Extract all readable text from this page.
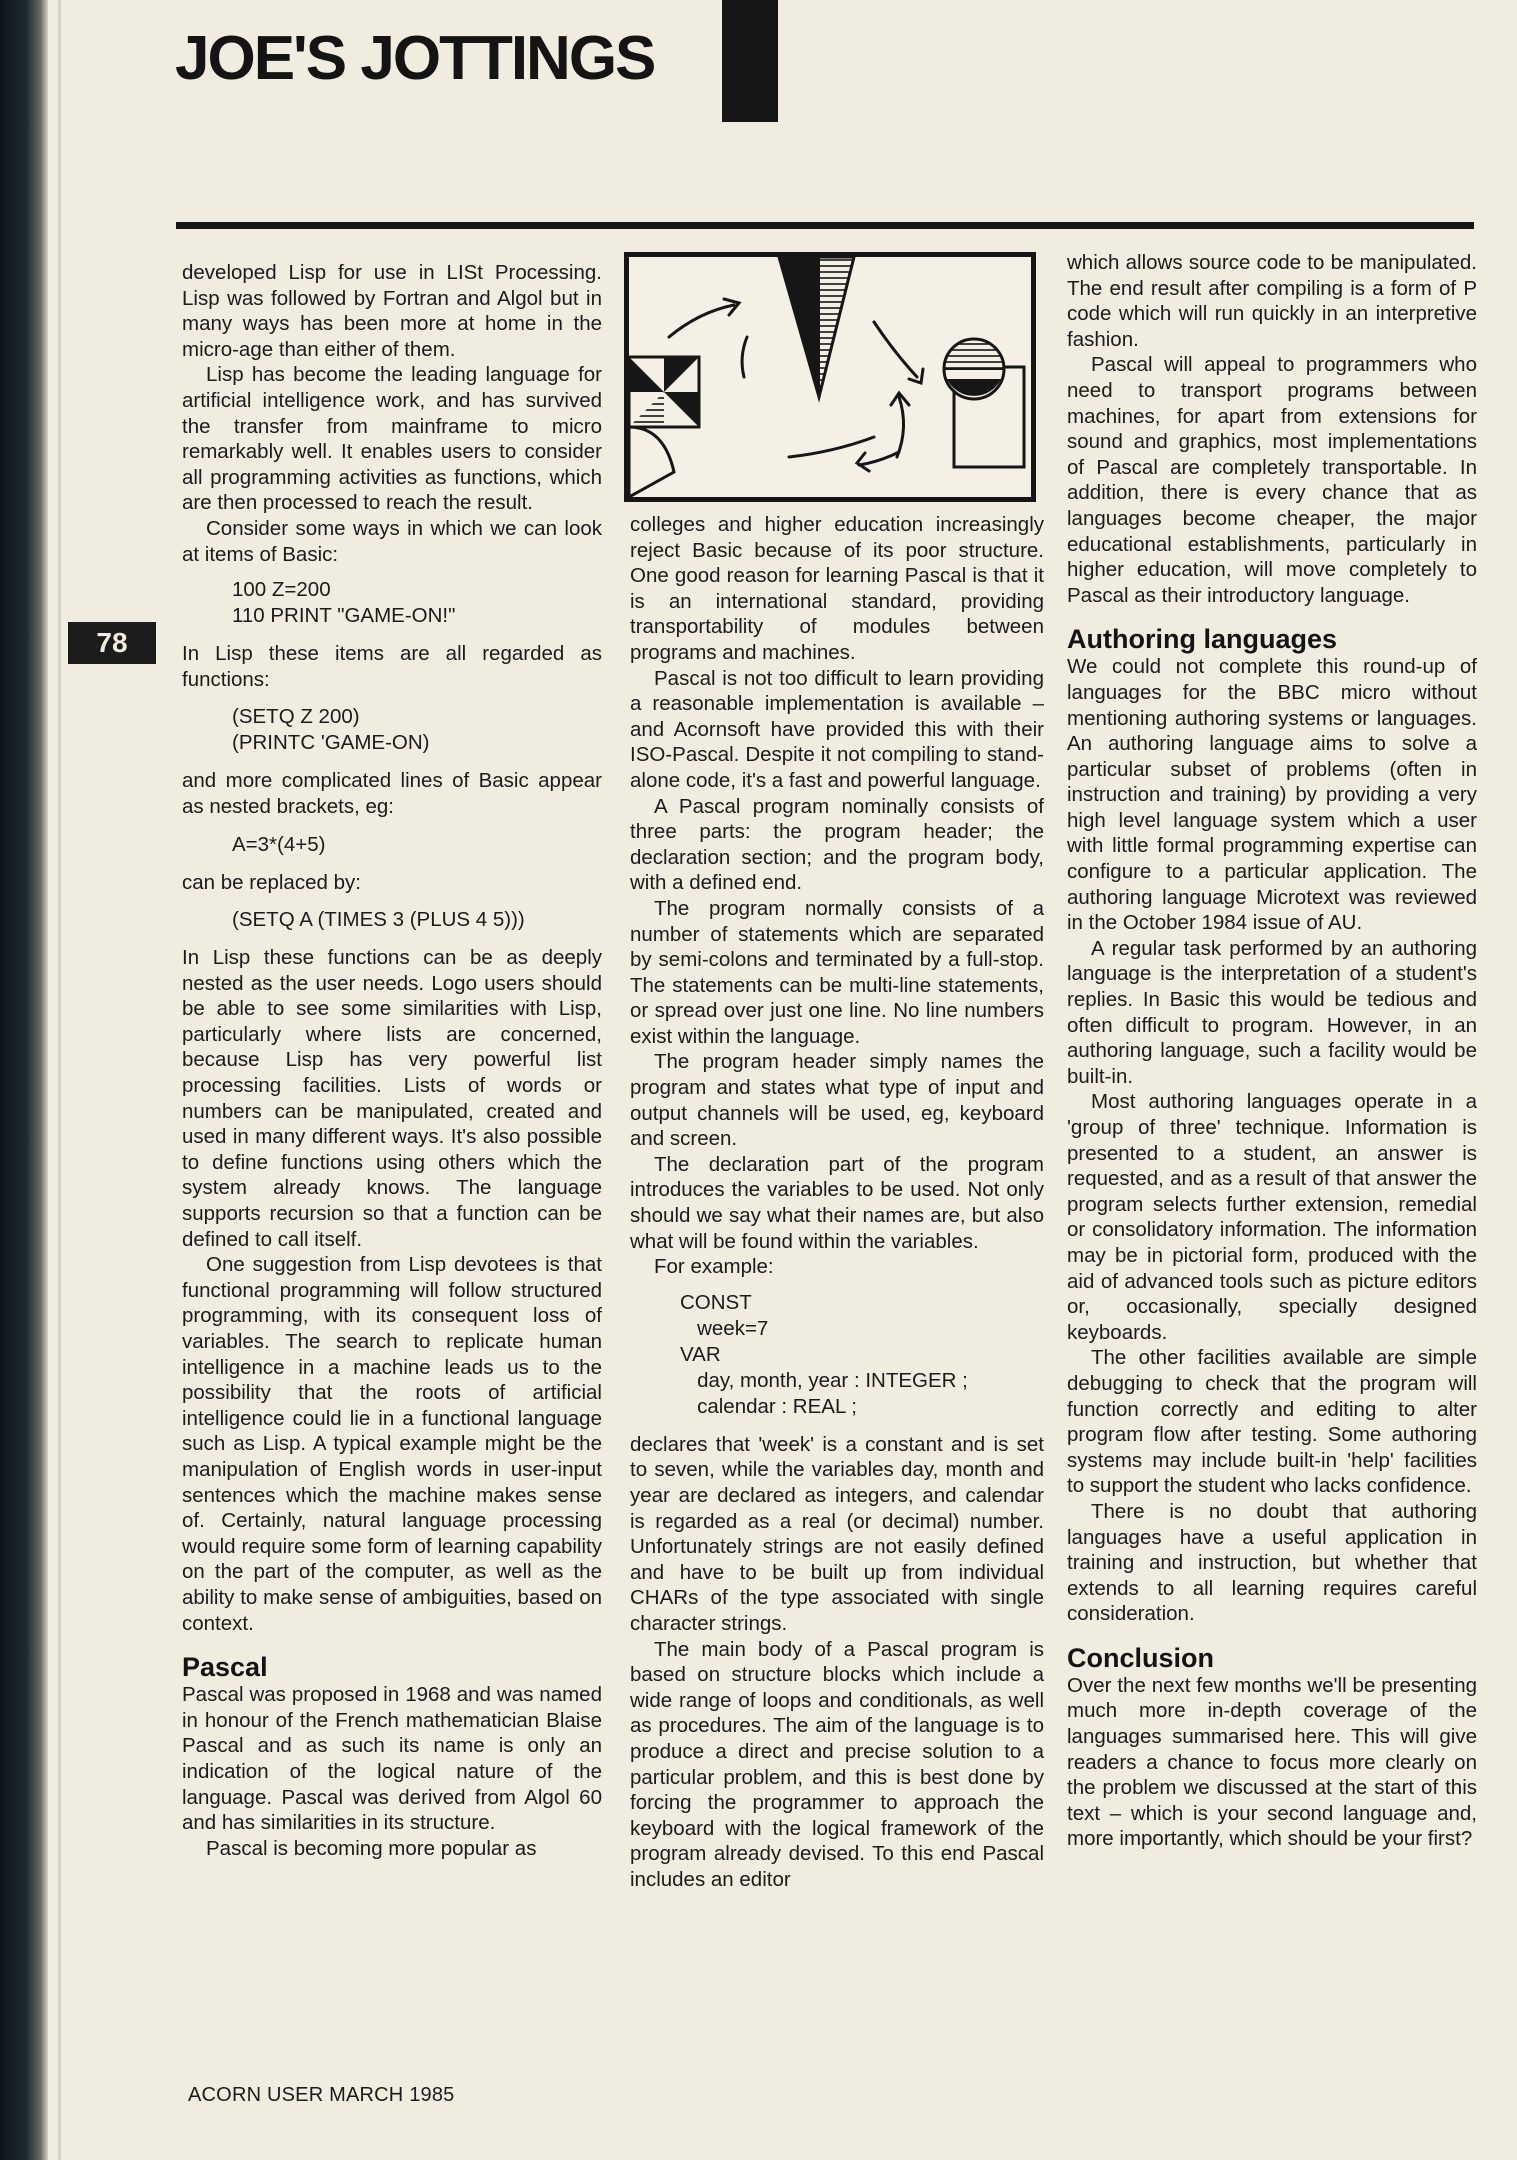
78
JOE'S JOTTINGS

developed Lisp for use in LISt Processing. Lisp was followed by Fortran and Algol but in many ways has been more at home in the micro-age than either of them.

Lisp has become the leading language for artificial intelligence work, and has survived the transfer from mainframe to micro remarkably well. It enables users to consider all programming activities as functions, which are then processed to reach the result.

Consider some ways in which we can look at items of Basic:

100 Z=200
110 PRINT "GAME-ON!"

In Lisp these items are all regarded as functions:

(SETQ Z 200)
(PRINTC 'GAME-ON)

and more complicated lines of Basic appear as nested brackets, eg:

A=3*(4+5)

can be replaced by:

(SETQ A (TIMES 3 (PLUS 4 5)))

In Lisp these functions can be as deeply nested as the user needs. Logo users should be able to see some similarities with Lisp, particularly where lists are concerned, because Lisp has very powerful list processing facilities. Lists of words or numbers can be manipulated, created and used in many different ways. It's also possible to define functions using others which the system already knows. The language supports recursion so that a function can be defined to call itself.

One suggestion from Lisp devotees is that functional programming will follow structured programming, with its consequent loss of variables. The search to replicate human intelligence in a machine leads us to the possibility that the roots of artificial intelligence could lie in a functional language such as Lisp. A typical example might be the manipulation of English words in user-input sentences which the machine makes sense of. Certainly, natural language processing would require some form of learning capability on the part of the computer, as well as the ability to make sense of ambiguities, based on context.

Pascal

Pascal was proposed in 1968 and was named in honour of the French mathematician Blaise Pascal and as such its name is only an indication of the logical nature of the language. Pascal was derived from Algol 60 and has similarities in its structure.

Pascal is becoming more popular as

colleges and higher education increasingly reject Basic because of its poor structure. One good reason for learning Pascal is that it is an international standard, providing transportability of modules between programs and machines.

Pascal is not too difficult to learn providing a reasonable implementation is available – and Acornsoft have provided this with their ISO-Pascal. Despite it not compiling to stand-alone code, it's a fast and powerful language.

A Pascal program nominally consists of three parts: the program header; the declaration section; and the program body, with a defined end.

The program normally consists of a number of statements which are separated by semi-colons and terminated by a full-stop. The statements can be multi-line statements, or spread over just one line. No line numbers exist within the language.

The program header simply names the program and states what type of input and output channels will be used, eg, keyboard and screen.

The declaration part of the program introduces the variables to be used. Not only should we say what their names are, but also what will be found within the variables.

For example:

CONST
week=7
VAR
day, month, year : INTEGER ;
calendar : REAL ;

declares that 'week' is a constant and is set to seven, while the variables day, month and year are declared as integers, and calendar is regarded as a real (or decimal) number. Unfortunately strings are not easily defined and have to be built up from individual CHARs of the type associated with single character strings.

The main body of a Pascal program is based on structure blocks which include a wide range of loops and conditionals, as well as procedures. The aim of the language is to produce a direct and precise solution to a particular problem, and this is best done by forcing the programmer to approach the keyboard with the logical framework of the program already devised. To this end Pascal includes an editor

which allows source code to be manipulated. The end result after compiling is a form of P code which will run quickly in an interpretive fashion.

Pascal will appeal to programmers who need to transport programs between machines, for apart from extensions for sound and graphics, most implementations of Pascal are completely transportable. In addition, there is every chance that as languages become cheaper, the major educational establishments, particularly in higher education, will move completely to Pascal as their introductory language.

Authoring languages

We could not complete this round-up of languages for the BBC micro without mentioning authoring systems or languages. An authoring language aims to solve a particular subset of problems (often in instruction and training) by providing a very high level language system which a user with little formal programming expertise can configure to a particular application. The authoring language Microtext was reviewed in the October 1984 issue of AU.

A regular task performed by an authoring language is the interpretation of a student's replies. In Basic this would be tedious and often difficult to program. However, in an authoring language, such a facility would be built-in.

Most authoring languages operate in a 'group of three' technique. Information is presented to a student, an answer is requested, and as a result of that answer the program selects further extension, remedial or consolidatory information. The information may be in pictorial form, produced with the aid of advanced tools such as picture editors or, occasionally, specially designed keyboards.

The other facilities available are simple debugging to check that the program will function correctly and editing to alter program flow after testing. Some authoring systems may include built-in 'help' facilities to support the student who lacks confidence.

There is no doubt that authoring languages have a useful application in training and instruction, but whether that extends to all learning requires careful consideration.

Conclusion

Over the next few months we'll be presenting much more in-depth coverage of the languages summarised here. This will give readers a chance to focus more clearly on the problem we discussed at the start of this text – which is your second language and, more importantly, which should be your first?

ACORN USER MARCH 1985
